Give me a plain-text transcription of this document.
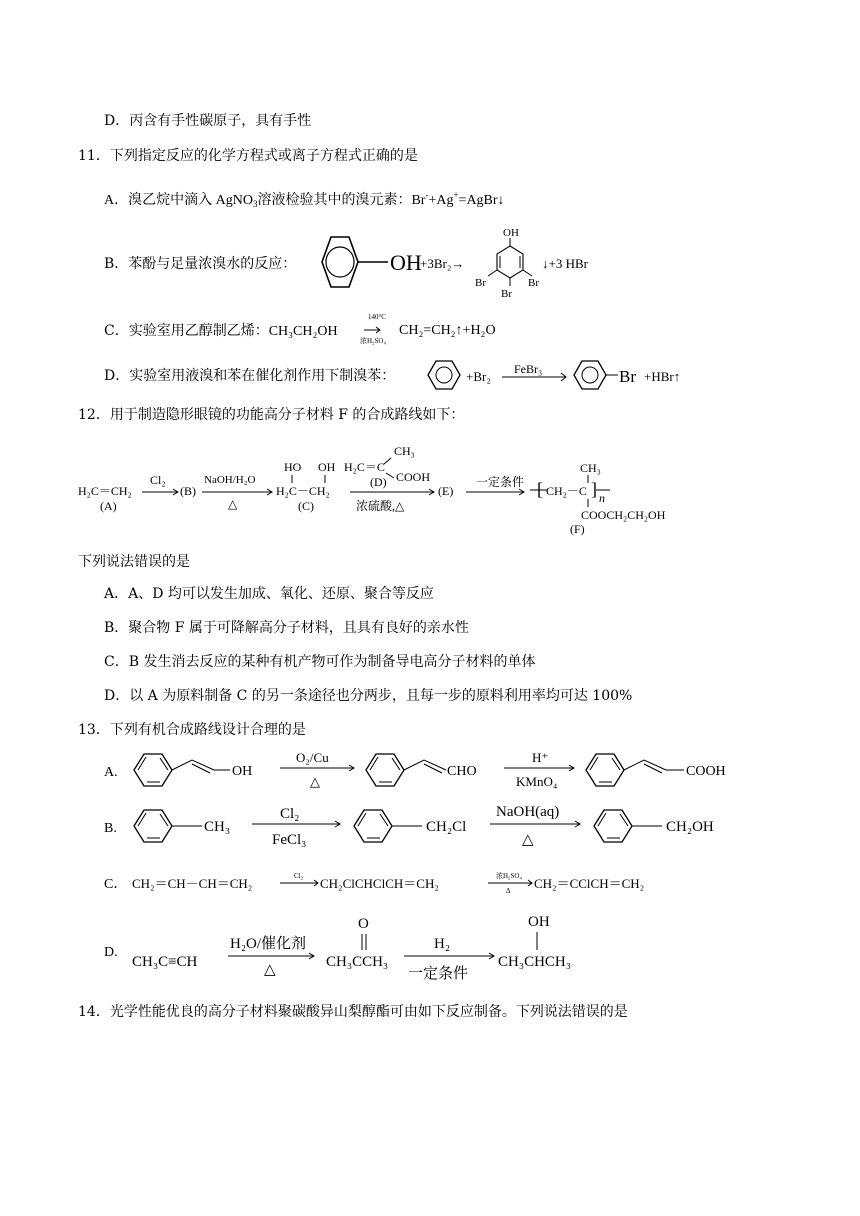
D．丙含有手性碳原子，具有手性
11．下列指定反应的化学方程式或离子方程式正确的是
A．溴乙烷中滴入 AgNO$_3$溶液检验其中的溴元素：Br-+Ag+=AgBr↓
B．苯酚与足量浓溴水的反应：	OH
+3Br₂→
OH
Br	Br
Br
↓+3 HBr
C．实验室用乙醇制乙烯：CH₃CH₂OH
140°C
浓H₂SO₄
CH₂=CH₂↑+H₂O
D．实验室用液溴和苯在催化剂作用下制溴苯：	+Br₂ FeBr₃	Br +HBr↑
12．用于制造隐形眼镜的功能高分子材料 F 的合成路线如下：
H₂C＝CH₂
(A)
Cl₂
(B)
NaOH/H₂O
△
HO OH
H₂C－CH₂
(C)
CH₃
H₂C＝C
COOH
(D)
浓硫酸,△
(E)
一定条件 [
CH₃
CH₂－C ] n
COOCH₂CH₂OH
(F)
下列说法错误的是
A．A、D 均可以发生加成、氧化、还原、聚合等反应
B．聚合物 F 属于可降解高分子材料，且具有良好的亲水性
C．B 发生消去反应的某种有机产物可作为制备导电高分子材料的单体
D．以 A 为原料制备 C 的另一条途径也分两步，且每一步的原料利用率均可达 100%
13．下列有机合成路线设计合理的是
A.	OH
O₂/Cu
△
CHO
H⁺
KMnO₄
COOH
B.	CH₃
Cl₂
FeCl₃
CH₂Cl
NaOH(aq)
△
CH₂OH
C． CH₂＝CH－CH＝CH₂	Cl₂ CH₂ClCHClCH＝CH₂	浓H₂SO₄
Δ CH₂＝CClCH＝CH₂
D.
CH₃C≡CH
H₂O/催化剂
△
O
CH₃CCH₃
H₂
一定条件
OH
CH₃CHCH₃
14．光学性能优良的高分子材料聚碳酸异山梨醇酯可由如下反应制备。下列说法错误的是
